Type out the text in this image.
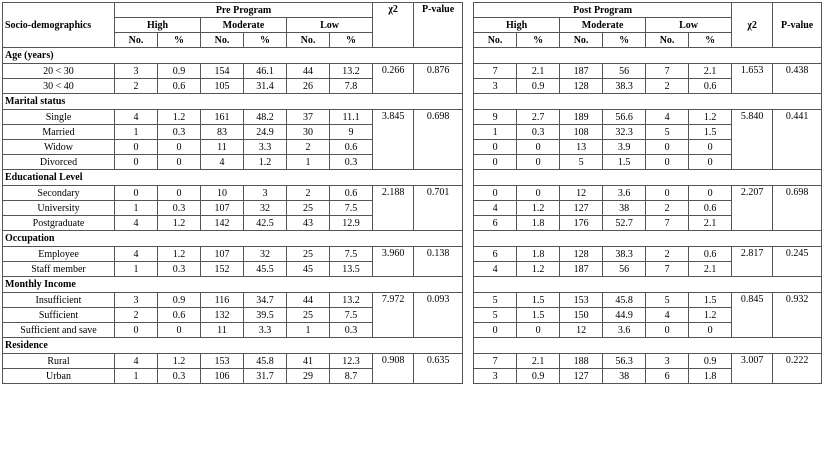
Socio-demographics	Pre Program						χ2	P-value		Post Program						χ2	P-value
	High		Moderate		Low					High		Moderate		Low			
	No.	%	No.	%	No.	%				No.	%	No.	%	No.	%		
Age (years)																	
20 < 30	3	0.9	154	46.1	44	13.2	0.266	0.876		7	2.1	187	56	7	2.1	1.653	0.438
30 < 40	2	0.6	105	31.4	26	7.8				3	0.9	128	38.3	2	0.6		
Marital status																	
Single	4	1.2	161	48.2	37	11.1	3.845	0.698		9	2.7	189	56.6	4	1.2	5.840	0.441
Married	1	0.3	83	24.9	30	9				1	0.3	108	32.3	5	1.5		
Widow	0	0	11	3.3	2	0.6				0	0	13	3.9	0	0		
Divorced	0	0	4	1.2	1	0.3				0	0	5	1.5	0	0		
Educational Level																	
Secondary	0	0	10	3	2	0.6	2.188	0.701		0	0	12	3.6	0	0	2.207	0.698
University	1	0.3	107	32	25	7.5				4	1.2	127	38	2	0.6		
Postgraduate	4	1.2	142	42.5	43	12.9				6	1.8	176	52.7	7	2.1		
Occupation																	
Employee	4	1.2	107	32	25	7.5	3.960	0.138		6	1.8	128	38.3	2	0.6	2.817	0.245
Staff member	1	0.3	152	45.5	45	13.5				4	1.2	187	56	7	2.1		
Monthly Income																	
Insufficient	3	0.9	116	34.7	44	13.2	7.972	0.093		5	1.5	153	45.8	5	1.5	0.845	0.932
Sufficient	2	0.6	132	39.5	25	7.5				5	1.5	150	44.9	4	1.2		
Sufficient and save	0	0	11	3.3	1	0.3				0	0	12	3.6	0	0		
Residence																	
Rural	4	1.2	153	45.8	41	12.3	0.908	0.635		7	2.1	188	56.3	3	0.9	3.007	0.222
Urban	1	0.3	106	31.7	29	8.7				3	0.9	127	38	6	1.8		
